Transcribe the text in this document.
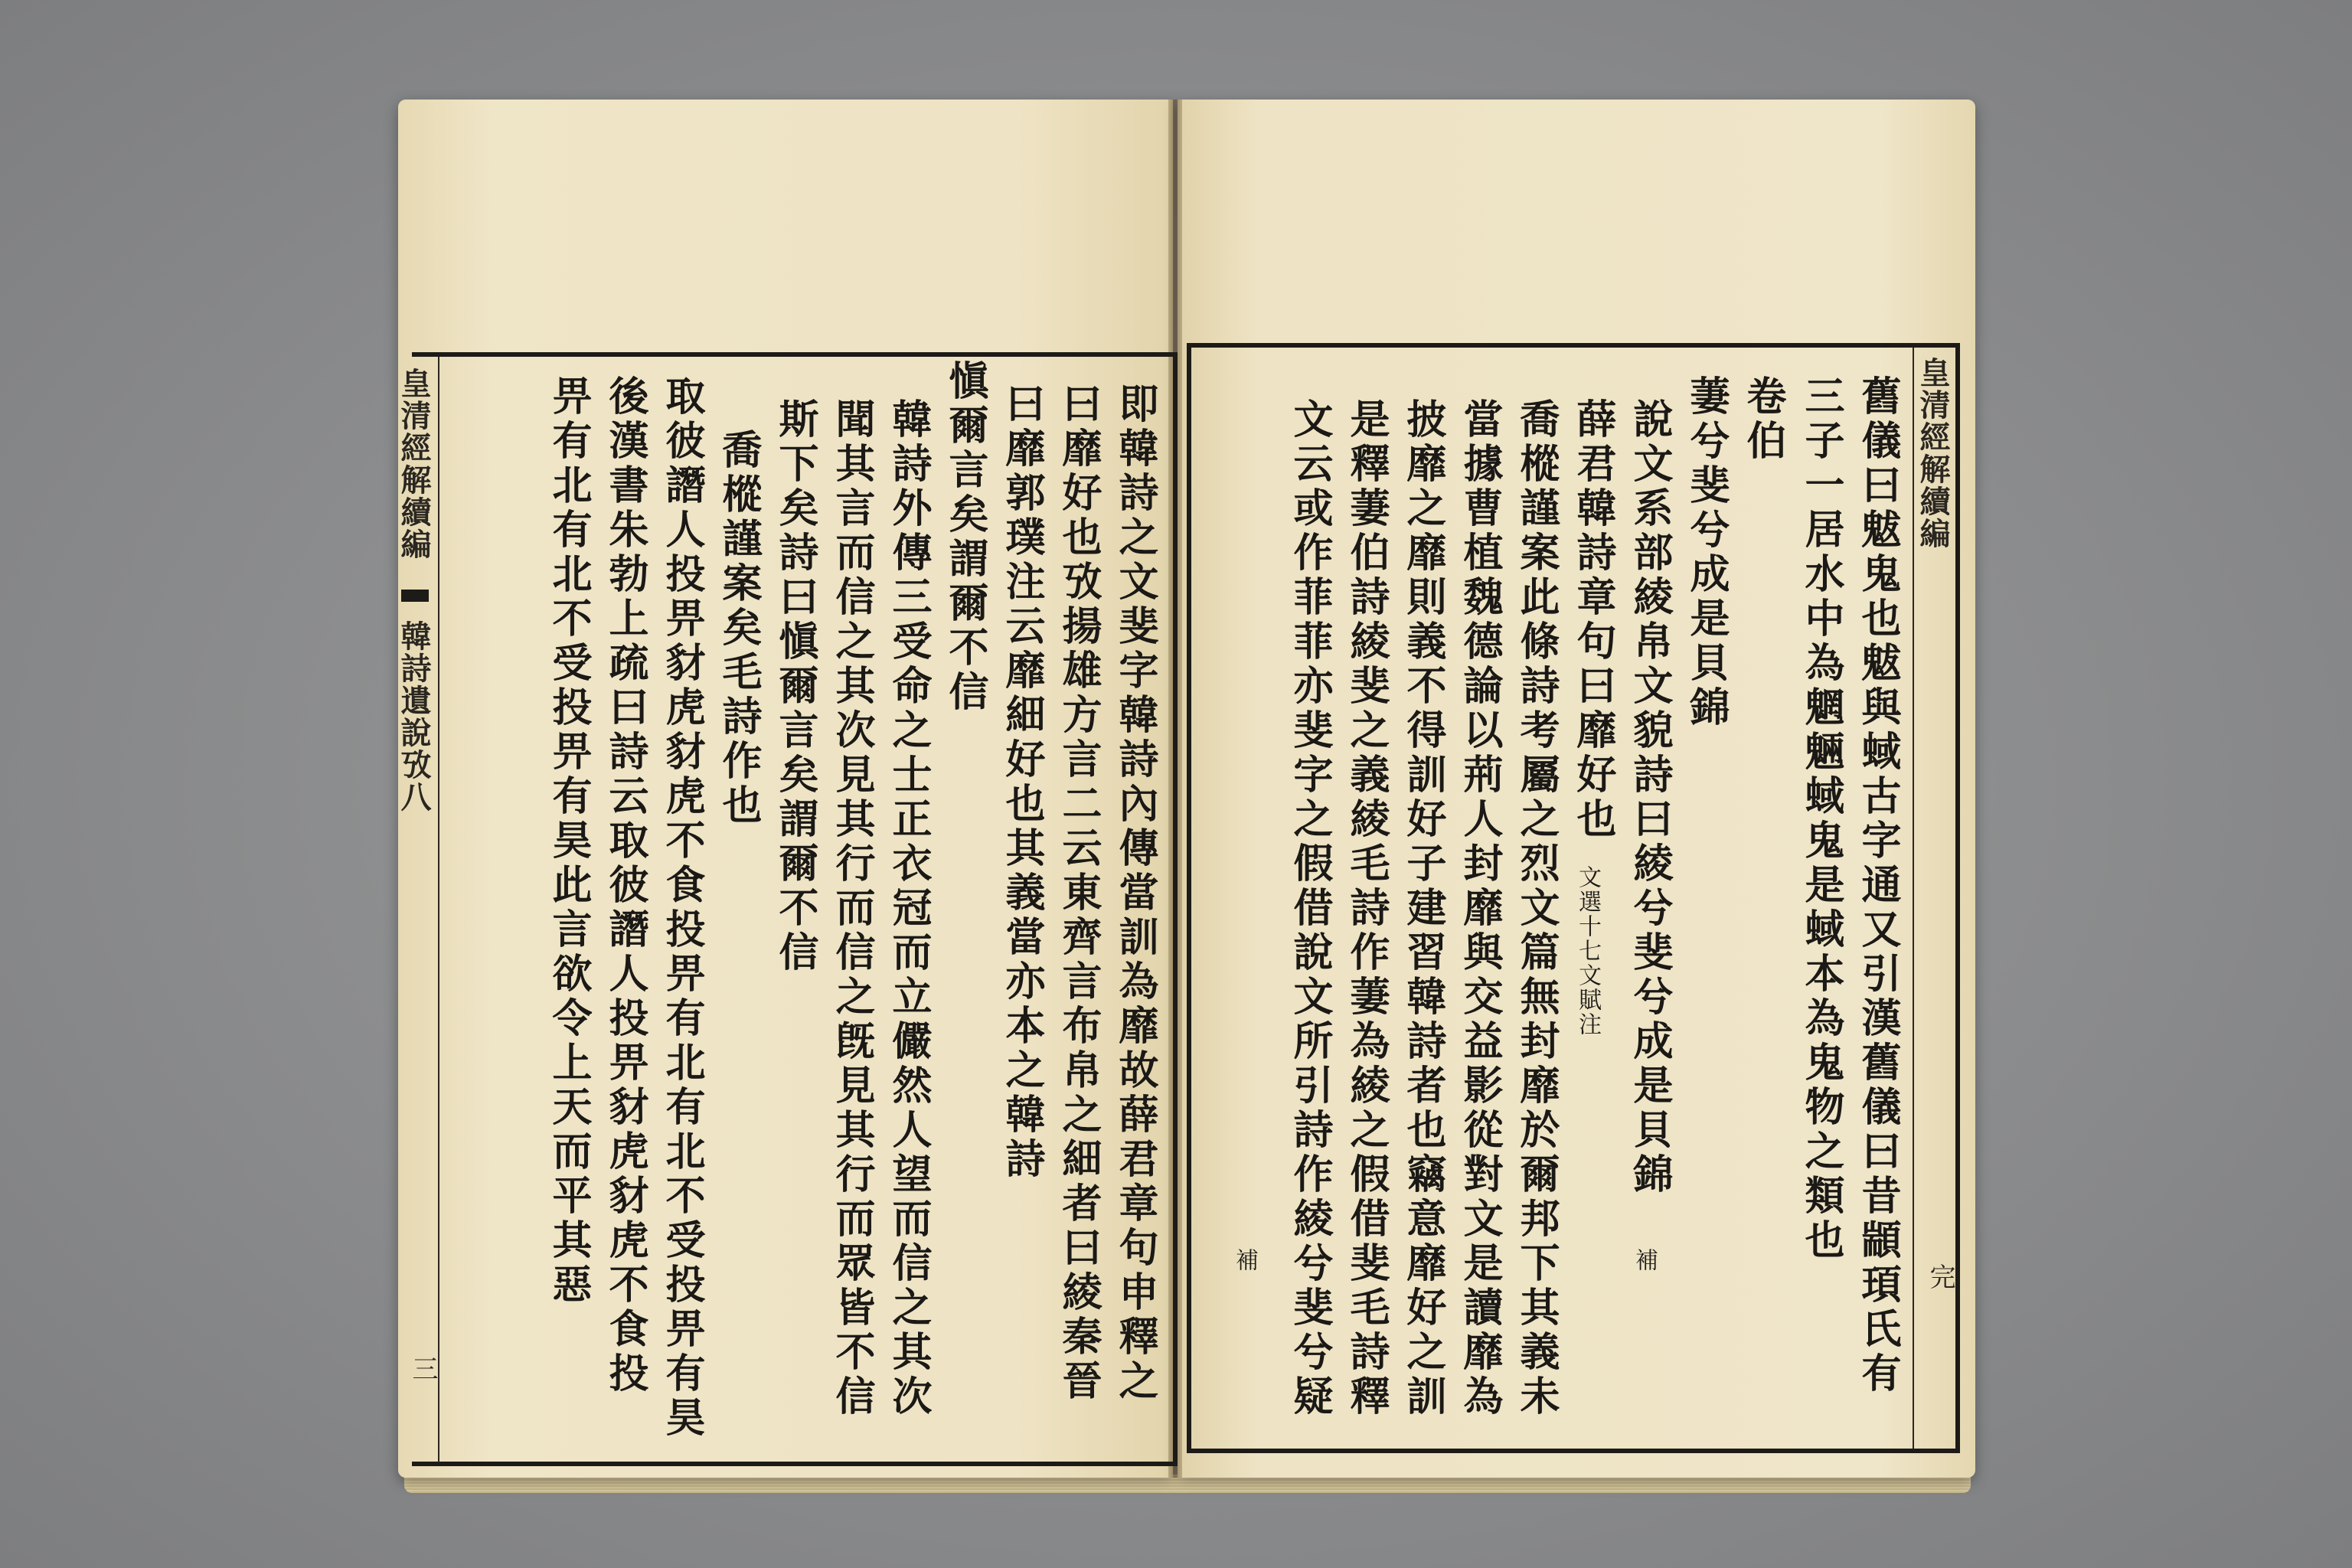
皇清經解續編
韓詩遺說攷八
三	即韓詩之文斐字韓詩內傳當訓為靡故薛君章句申釋之
曰靡好也攷揚雄方言二云東齊言布帛之細者曰綾秦晉
曰靡郭璞注云靡細好也其義當亦本之韓詩
愼爾言矣謂爾不信
韓詩外傳三受命之士正衣冠而立儼然人望而信之其次
聞其言而信之其次見其行而信之旣見其行而眾皆不信
斯下矣詩曰愼爾言矣謂爾不信
喬樅謹案矣毛詩作也
取彼譖人投畀豺虎豺虎不食投畀有北有北不受投畀有昊
後漢書朱勃上疏曰詩云取彼譖人投畀豺虎豺虎不食投
畀有北有北不受投畀有昊此言欲令上天而平其惡	皇清經解續編
完
舊儀曰魃鬼也魃與蜮古字通又引漢舊儀曰昔顓頊氏有
三子一居水中為魍魎蜮鬼是蜮本為鬼物之類也
卷伯
萋兮斐兮成是貝錦
說文系部綾帛文貌詩曰綾兮斐兮成是貝錦
補
薛君韓詩章句曰靡好也
文選十七文賦注
喬樅謹案此條詩考屬之烈文篇無封靡於爾邦下其義未
當據曹植魏德論以荊人封靡與交益影從對文是讀靡為
披靡之靡則義不得訓好子建習韓詩者也竊意靡好之訓
是釋萋伯詩綾斐之義綾毛詩作萋為綾之假借斐毛詩釋
文云或作菲菲亦斐字之假借說文所引詩作綾兮斐兮疑
補
